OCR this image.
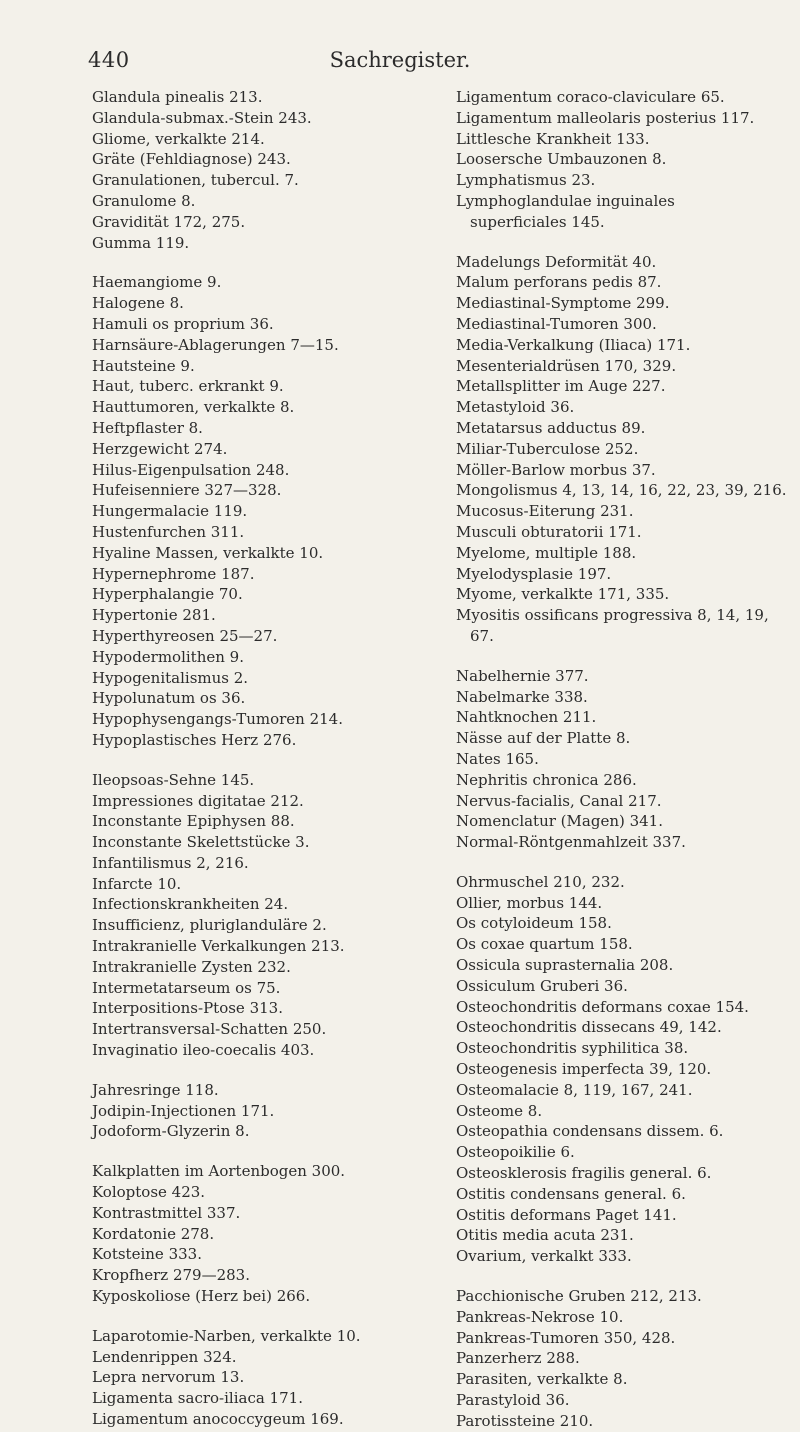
440	Sachregister.
Glandula pinealis 213.
Glandula-submax.-Stein 243.
Gliome, verkalkte 214.
Gräte (Fehldiagnose) 243.
Granulationen, tubercul. 7.
Granulome 8.
Gravidität 172, 275.
Gumma 119.
Haemangiome 9.
Halogene 8.
Hamuli os proprium 36.
Harnsäure-Ablagerungen 7—15.
Hautsteine 9.
Haut, tuberc. erkrankt 9.
Hauttumoren, verkalkte 8.
Heftpflaster 8.
Herzgewicht 274.
Hilus-Eigenpulsation 248.
Hufeisenniere 327—328.
Hungermalacie 119.
Hustenfurchen 311.
Hyaline Massen, verkalkte 10.
Hypernephrome 187.
Hyperphalangie 70.
Hypertonie 281.
Hyperthyreosen 25—27.
Hypodermolithen 9.
Hypogenitalismus 2.
Hypolunatum os 36.
Hypophysengangs-Tumoren 214.
Hypoplastisches Herz 276.
Ileopsoas-Sehne 145.
Impressiones digitatae 212.
Inconstante Epiphysen 88.
Inconstante Skelettstücke 3.
Infantilismus 2, 216.
Infarcte 10.
Infectionskrankheiten 24.
Insufficienz, pluriglanduläre 2.
Intrakranielle Verkalkungen 213.
Intrakranielle Zysten 232.
Intermetatarseum os 75.
Interpositions-Ptose 313.
Intertransversal-Schatten 250.
Invaginatio ileo-coecalis 403.
Jahresringe 118.
Jodipin-Injectionen 171.
Jodoform-Glyzerin 8.
Kalkplatten im Aortenbogen 300.
Koloptose 423.
Kontrastmittel 337.
Kordatonie 278.
Kotsteine 333.
Kropfherz 279—283.
Kyposkoliose (Herz bei) 266.
Laparotomie-Narben, verkalkte 10.
Lendenrippen 324.
Lepra nervorum 13.
Ligamenta sacro-iliaca 171.
Ligamentum anococcygeum 169.
Ligamentum coraco-claviculare 65.
Ligamentum malleolaris posterius 117.
Littlesche Krankheit 133.
Loosersche Umbauzonen 8.
Lymphatismus 23.
Lymphoglandulae inguinales superficiales 145.
Madelungs Deformität 40.
Malum perforans pedis 87.
Mediastinal-Symptome 299.
Mediastinal-Tumoren 300.
Media-Verkalkung (Iliaca) 171.
Mesenterialdrüsen 170, 329.
Metallsplitter im Auge 227.
Metastyloid 36.
Metatarsus adductus 89.
Miliar-Tuberculose 252.
Möller-Barlow morbus 37.
Mongolismus 4, 13, 14, 16, 22, 23, 39, 216.
Mucosus-Eiterung 231.
Musculi obturatorii 171.
Myelome, multiple 188.
Myelodysplasie 197.
Myome, verkalkte 171, 335.
Myositis ossificans progressiva 8, 14, 19, 67.
Nabelhernie 377.
Nabelmarke 338.
Nahtknochen 211.
Nässe auf der Platte 8.
Nates 165.
Nephritis chronica 286.
Nervus-facialis, Canal 217.
Nomenclatur (Magen) 341.
Normal-Röntgenmahlzeit 337.
Ohrmuschel 210, 232.
Ollier, morbus 144.
Os cotyloideum 158.
Os coxae quartum 158.
Ossicula suprasternalia 208.
Ossiculum Gruberi 36.
Osteochondritis deformans coxae 154.
Osteochondritis dissecans 49, 142.
Osteochondritis syphilitica 38.
Osteogenesis imperfecta 39, 120.
Osteomalacie 8, 119, 167, 241.
Osteome 8.
Osteopathia condensans dissem. 6.
Osteopoikilie 6.
Osteosklerosis fragilis general. 6.
Ostitis condensans general. 6.
Ostitis deformans Paget 141.
Otitis media acuta 231.
Ovarium, verkalkt 333.
Pacchionische Gruben 212, 213.
Pankreas-Nekrose 10.
Pankreas-Tumoren 350, 428.
Panzerherz 288.
Parasiten, verkalkte 8.
Parastyloid 36.
Parotissteine 210.
